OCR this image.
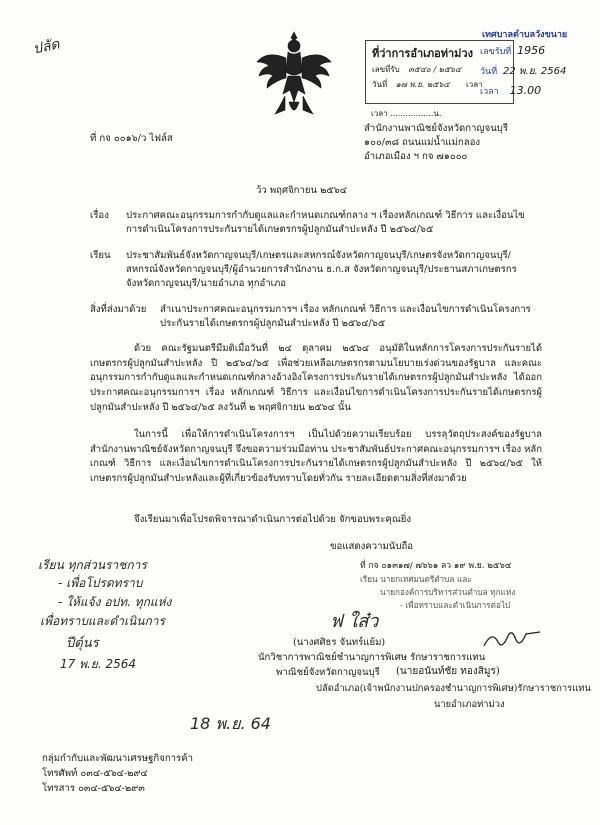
ปลัด	ที่ว่าการอำเภอท่าม่วง
เลขที่รับ ๓๕๔๐ / ๒๕๖๔
วันที่ ๑๗ พ.ย. ๒๕๖๔ เวลา
เวลา .................น.
เทศบาลตำบลวังขนาย
เลขรับที่ 1956
วันที่ 22 พ.ย. 2564
เวลา 13.00
ที่ กจ ๐๐๑๖/ว ไฟล์ส
สำนักงานพาณิชย์จังหวัดกาญจนบุรี
๑๐๐/๓๘ ถนนแม่น้ำแม่กลอง
อำเภอเมือง ฯ กจ ๗๑๐๐๐
ว้ว พฤศจิกายน ๒๕๖๔
เรื่อง ประกาศคณะอนุกรรมการกำกับดูแลและกำหนดเกณฑ์กลาง ฯ เรื่องหลักเกณฑ์ วิธีการ และเงื่อนไข
การดำเนินโครงการประกันรายได้เกษตรกรผู้ปลูกมันสำปะหลัง ปี ๒๕๖๔/๖๕
เรียน ประชาสัมพันธ์จังหวัดกาญจนบุรี/เกษตรและสหกรณ์จังหวัดกาญจนบุรี/เกษตรจังหวัดกาญจนบุรี/
สหกรณ์จังหวัดกาญจนบุรี/ผู้อำนวยการสำนักงาน ธ.ก.ส จังหวัดกาญจนบุรี/ประธานสภาเกษตรกร
จังหวัดกาญจนบุรี/นายอำเภอ ทุกอำเภอ
สิ่งที่ส่งมาด้วย สำเนาประกาศคณะอนุกรรมการฯ เรื่อง หลักเกณฑ์ วิธีการ และเงื่อนไขการดำเนินโครงการ
ประกันรายได้เกษตรกรผู้ปลูกมันสำปะหลัง ปี ๒๕๖๔/๖๕
ด้วย คณะรัฐมนตรีมีมติเมื่อวันที่ ๒๔ ตุลาคม ๒๕๖๔ อนุมัติในหลักการโครงการประกันรายได้เกษตรกรผู้ปลูกมันสำปะหลัง ปี ๒๕๖๔/๖๕ เพื่อช่วยเหลือเกษตรกรตามนโยบายเร่งด่วนของรัฐบาล และคณะอนุกรรมการกำกับดูแลและกำหนดเกณฑ์กลางอ้างอิงโครงการประกันรายได้เกษตรกรผู้ปลูกมันสำปะหลัง ได้ออกประกาศคณะอนุกรรมการฯ เรื่อง หลักเกณฑ์ วิธีการ และเงื่อนไขการดำเนินโครงการประกันรายได้เกษตรกรผู้ปลูกมันสำปะหลัง ปี ๒๕๖๔/๖๕ ลงวันที่ ๒ พฤศจิกายน ๒๕๖๔ นั้น
ในการนี้ เพื่อให้การดำเนินโครงการฯ เป็นไปด้วยความเรียบร้อย บรรลุวัตถุประสงค์ของรัฐบาล สำนักงานพาณิชย์จังหวัดกาญจนบุรี จึงขอความร่วมมือท่าน ประชาสัมพันธ์ประกาศคณะอนุกรรมการฯ เรื่อง หลักเกณฑ์ วิธีการ และเงื่อนไขการดำเนินโครงการประกันรายได้เกษตรกรผู้ปลูกมันสำปะหลัง ปี ๒๕๖๔/๖๕ ให้เกษตรกรผู้ปลูกมันสำปะหลังและผู้ที่เกี่ยวข้องรับทราบโดยทั่วกัน รายละเอียดตามสิ่งที่ส่งมาด้วย
จึงเรียนมาเพื่อโปรดพิจารณาดำเนินการต่อไปด้วย จักขอบพระคุณยิ่ง
ขอแสดงความนับถือ
ที่ กจ ๐๑๓๑๗/ ๗๖๖๑ ลว ๑๙ พ.ย. ๒๕๖๔
เรียน นายกเทศมนตรีตำบล และ
นายกองค์การบริหารส่วนตำบล ทุกแห่ง
- เพื่อทราบและดำเนินการต่อไป
ฟ ใส๋ว
(นางศศิธร จันทร์แย้ม)
นักวิชาการพาณิชย์ชำนาญการพิเศษ รักษาราชการแทน
พาณิชย์จังหวัดกาญจนบุรี (นายอนันท์ชัย ทองสิมูร)
ปลัดอำเภอ(เจ้าพนักงานปกครองชำนาญการพิเศษ)รักษาราชการแทน
นายอำเภอท่าม่วง
เรียน ทุกส่วนราชการ
- เพื่อโปรดทราบ
- ให้แจ้ง อปท. ทุกแห่ง
เพื่อทราบและดำเนินการ
ปีตุ์นร
17 พ.ย. 2564
18 พ.ย. 64
กลุ่มกำกับและพัฒนาเศรษฐกิจการค้า
โทรศัพท์ ๐๓๔-๕๖๔-๒๙๔
โทรสาร ๐๓๔-๕๖๔-๒๙๓
